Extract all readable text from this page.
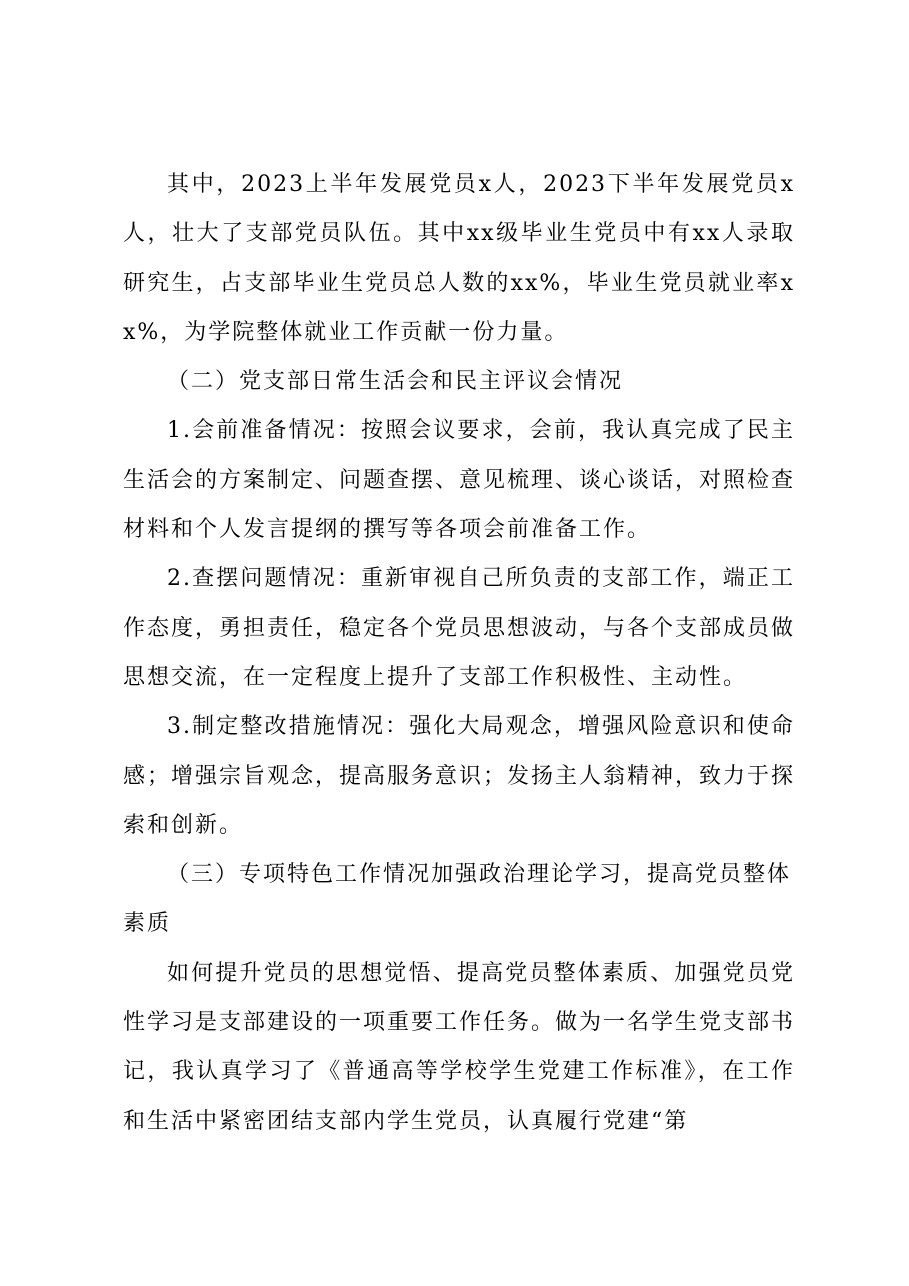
其中，2023上半年发展党员x人，2023下半年发展党员x人，壮大了支部党员队伍。其中xx级毕业生党员中有xx人录取研究生，占支部毕业生党员总人数的xx%，毕业生党员就业率xx%，为学院整体就业工作贡献一份力量。

（二）党支部日常生活会和民主评议会情况

1.会前准备情况：按照会议要求，会前，我认真完成了民主生活会的方案制定、问题查摆、意见梳理、谈心谈话，对照检查材料和个人发言提纲的撰写等各项会前准备工作。

2.查摆问题情况：重新审视自己所负责的支部工作，端正工作态度，勇担责任，稳定各个党员思想波动，与各个支部成员做思想交流，在一定程度上提升了支部工作积极性、主动性。

3.制定整改措施情况：强化大局观念，增强风险意识和使命感；增强宗旨观念，提高服务意识；发扬主人翁精神，致力于探索和创新。

（三）专项特色工作情况加强政治理论学习，提高党员整体素质

如何提升党员的思想觉悟、提高党员整体素质、加强党员党性学习是支部建设的一项重要工作任务。做为一名学生党支部书记，我认真学习了《普通高等学校学生党建工作标准》，在工作和生活中紧密团结支部内学生党员，认真履行党建“第
